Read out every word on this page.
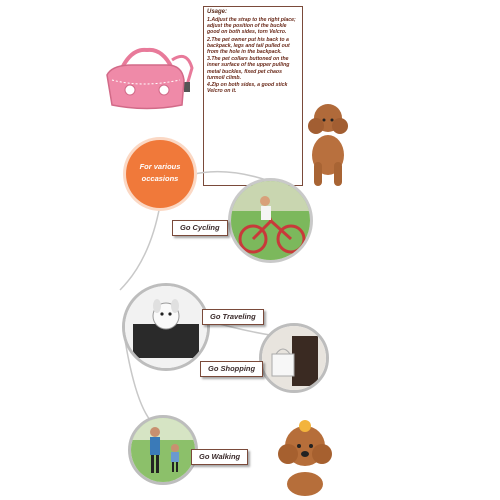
Usage:
1.Adjust the strap to the right place; adjust the position of the buckle good on both sides, torn Velcro.
2.The pet owner put his back to a backpack, legs and tail pulled out from the hole in the backpack.
3.The pet collars buttoned on the inner surface of the upper pulling metal buckles, fixed pet chaos turmoil climb.
4.Zip on both sides, a good stick Velcro on it.
For various
occasions
Go Cycling
Go Traveling
Go Shopping
Go Walking
